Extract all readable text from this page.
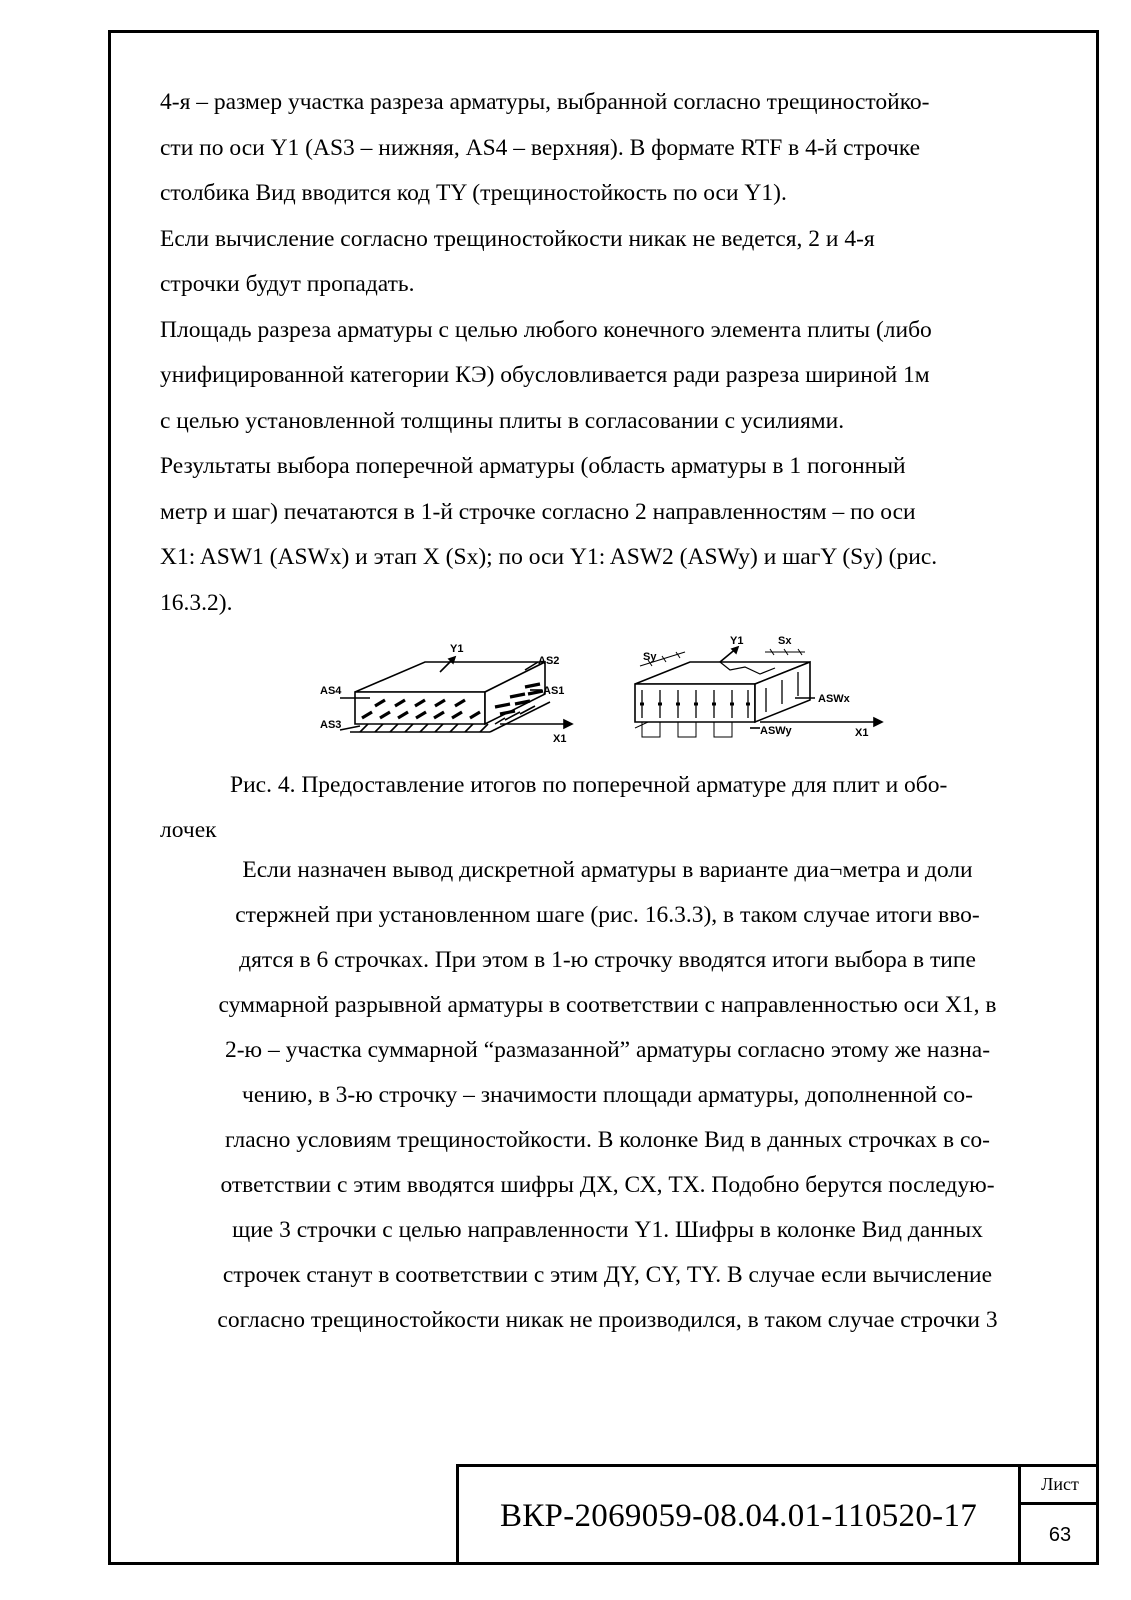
4-я – размер участка разреза арматуры, выбранной согласно трещиностойко-
сти по оси Y1 (AS3 – нижняя, AS4 – верхняя). В формате RTF в 4-й строчке
столбика Вид вводится код TY (трещиностойкость по оси Y1).
Если вычисление согласно трещиностойкости никак не ведется, 2 и 4-я
строчки будут пропадать.
Площадь разреза арматуры с целью любого конечного элемента плиты (либо
унифицированной категории КЭ) обусловливается ради разреза шириной 1м
с целью установленной толщины плиты в согласовании с усилиями.
Результаты выбора поперечной арматуры (область арматуры в 1 погонный
метр и шаг) печатаются в 1-й строчке согласно 2 направленностям – по оси
X1: ASW1 (ASWx) и этап X (Sx); по оси Y1: ASW2 (ASWy) и шагY (Sy) (рис.
16.3.2).
Y1
AS2
AS1
AS4
AS3
X1
Y1	Sx
Sy
ASWx
ASWy	X1
Рис. 4. Предоставление итогов по поперечной арматуре для плит и обо-
лочек
Если назначен вывод дискретной арматуры в варианте диа¬метра и доли
стержней при установленном шаге (рис. 16.3.3), в таком случае итоги вво-
дятся в 6 строчках. При этом в 1-ю строчку вводятся итоги выбора в типе
суммарной разрывной арматуры в соответствии с направленностью оси X1, в
2-ю – участка суммарной “размазанной” арматуры согласно этому же назна-
чению, в 3-ю строчку – значимости площади арматуры, дополненной со-
гласно условиям трещиностойкости. В колонке Вид в данных строчках в со-
ответствии с этим вводятся шифры ДХ, СХ, ТХ. Подобно берутся последую-
щие 3 строчки с целью направленности Y1. Шифры в колонке Вид данных
строчек станут в соответствии с этим ДY, СY, ТY. В случае если вычисление
согласно трещиностойкости никак не производился, в таком случае строчки 3
ВКР-2069059-08.04.01-110520-17
Лист
63
